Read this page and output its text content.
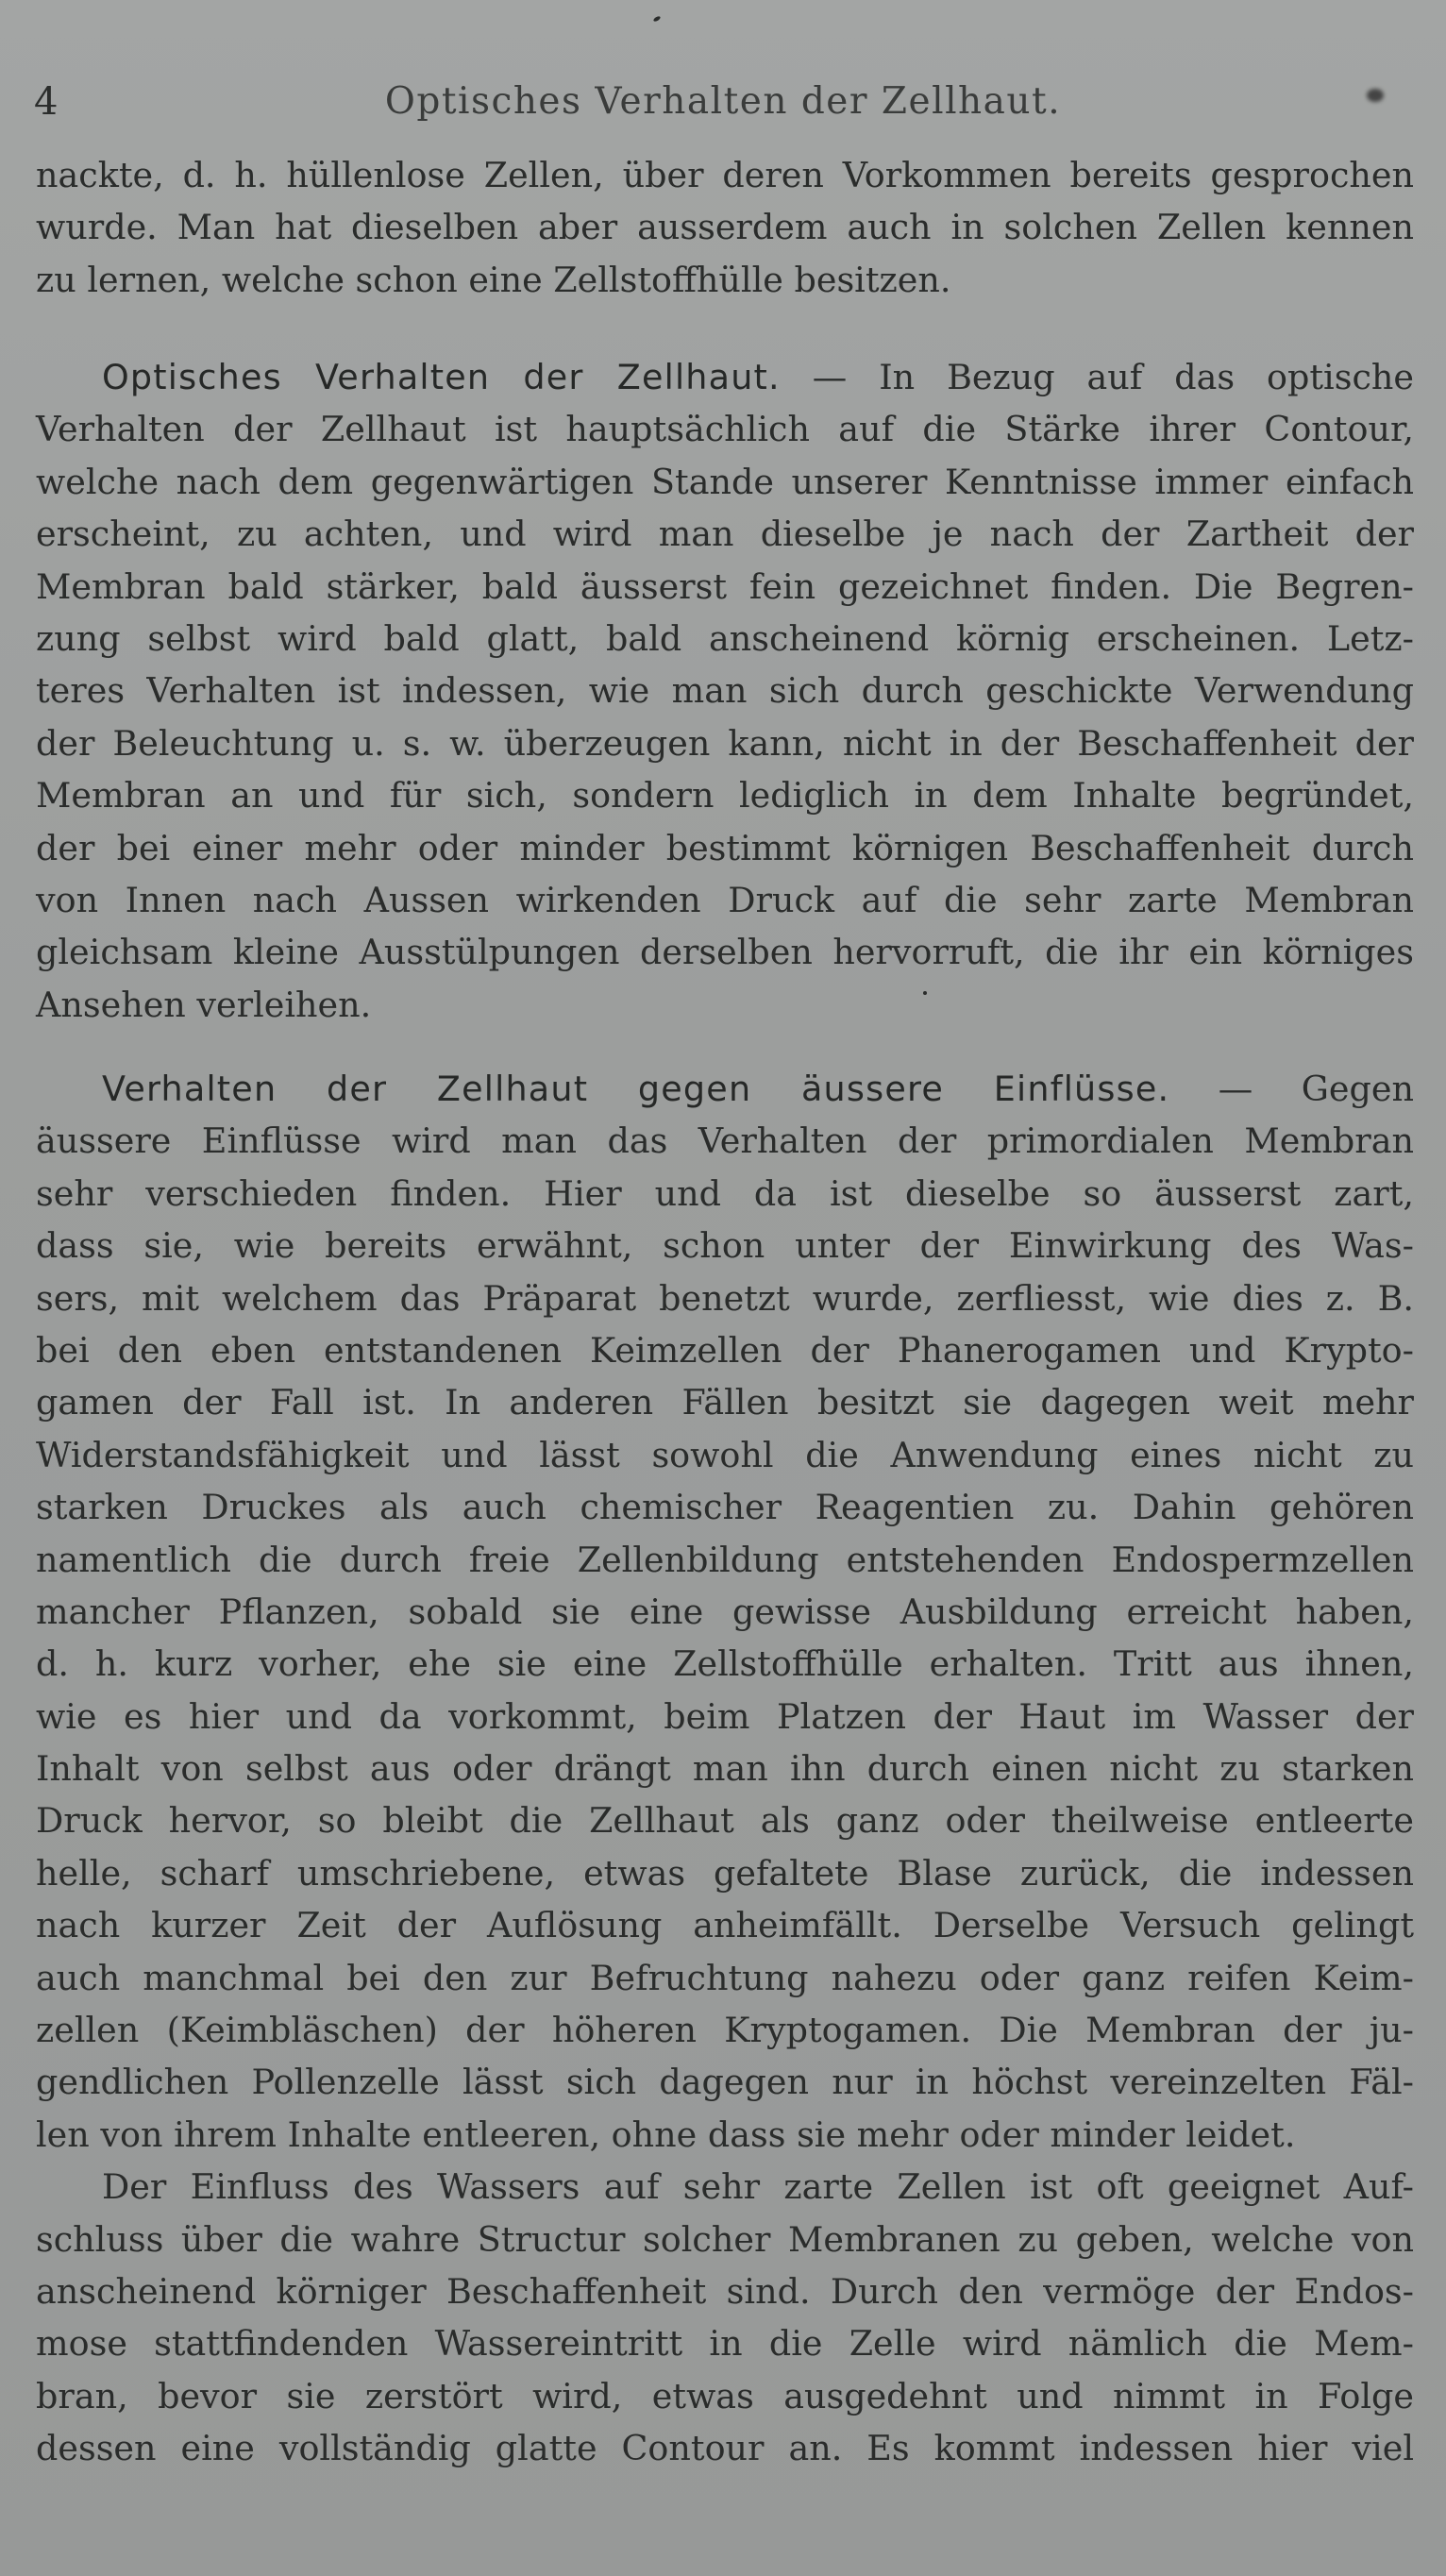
4	Optisches Verhalten der Zellhaut.
nackte, d. h. hüllenlose Zellen, über deren Vorkommen bereits gesprochen
wurde. Man hat dieselben aber ausserdem auch in solchen Zellen kennen
zu lernen, welche schon eine Zellstoffhülle besitzen.
Optisches Verhalten der Zellhaut. — In Bezug auf das optische
Verhalten der Zellhaut ist hauptsächlich auf die Stärke ihrer Contour,
welche nach dem gegenwärtigen Stande unserer Kenntnisse immer einfach
erscheint, zu achten, und wird man dieselbe je nach der Zartheit der
Membran bald stärker, bald äusserst fein gezeichnet finden. Die Begren-
zung selbst wird bald glatt, bald anscheinend körnig erscheinen. Letz-
teres Verhalten ist indessen, wie man sich durch geschickte Verwendung
der Beleuchtung u. s. w. überzeugen kann, nicht in der Beschaffenheit der
Membran an und für sich, sondern lediglich in dem Inhalte begründet,
der bei einer mehr oder minder bestimmt körnigen Beschaffenheit durch
von Innen nach Aussen wirkenden Druck auf die sehr zarte Membran
gleichsam kleine Ausstülpungen derselben hervorruft, die ihr ein körniges
Ansehen verleihen.
Verhalten der Zellhaut gegen äussere Einflüsse. — Gegen
äussere Einflüsse wird man das Verhalten der primordialen Membran
sehr verschieden finden. Hier und da ist dieselbe so äusserst zart,
dass sie, wie bereits erwähnt, schon unter der Einwirkung des Was-
sers, mit welchem das Präparat benetzt wurde, zerfliesst, wie dies z. B.
bei den eben entstandenen Keimzellen der Phanerogamen und Krypto-
gamen der Fall ist. In anderen Fällen besitzt sie dagegen weit mehr
Widerstandsfähigkeit und lässt sowohl die Anwendung eines nicht zu
starken Druckes als auch chemischer Reagentien zu. Dahin gehören
namentlich die durch freie Zellenbildung entstehenden Endospermzellen
mancher Pflanzen, sobald sie eine gewisse Ausbildung erreicht haben,
d. h. kurz vorher, ehe sie eine Zellstoffhülle erhalten. Tritt aus ihnen,
wie es hier und da vorkommt, beim Platzen der Haut im Wasser der
Inhalt von selbst aus oder drängt man ihn durch einen nicht zu starken
Druck hervor, so bleibt die Zellhaut als ganz oder theilweise entleerte
helle, scharf umschriebene, etwas gefaltete Blase zurück, die indessen
nach kurzer Zeit der Auflösung anheimfällt. Derselbe Versuch gelingt
auch manchmal bei den zur Befruchtung nahezu oder ganz reifen Keim-
zellen (Keimbläschen) der höheren Kryptogamen. Die Membran der ju-
gendlichen Pollenzelle lässt sich dagegen nur in höchst vereinzelten Fäl-
len von ihrem Inhalte entleeren, ohne dass sie mehr oder minder leidet.
Der Einfluss des Wassers auf sehr zarte Zellen ist oft geeignet Auf-
schluss über die wahre Structur solcher Membranen zu geben, welche von
anscheinend körniger Beschaffenheit sind. Durch den vermöge der Endos-
mose stattfindenden Wassereintritt in die Zelle wird nämlich die Mem-
bran, bevor sie zerstört wird, etwas ausgedehnt und nimmt in Folge
dessen eine vollständig glatte Contour an. Es kommt indessen hier viel
